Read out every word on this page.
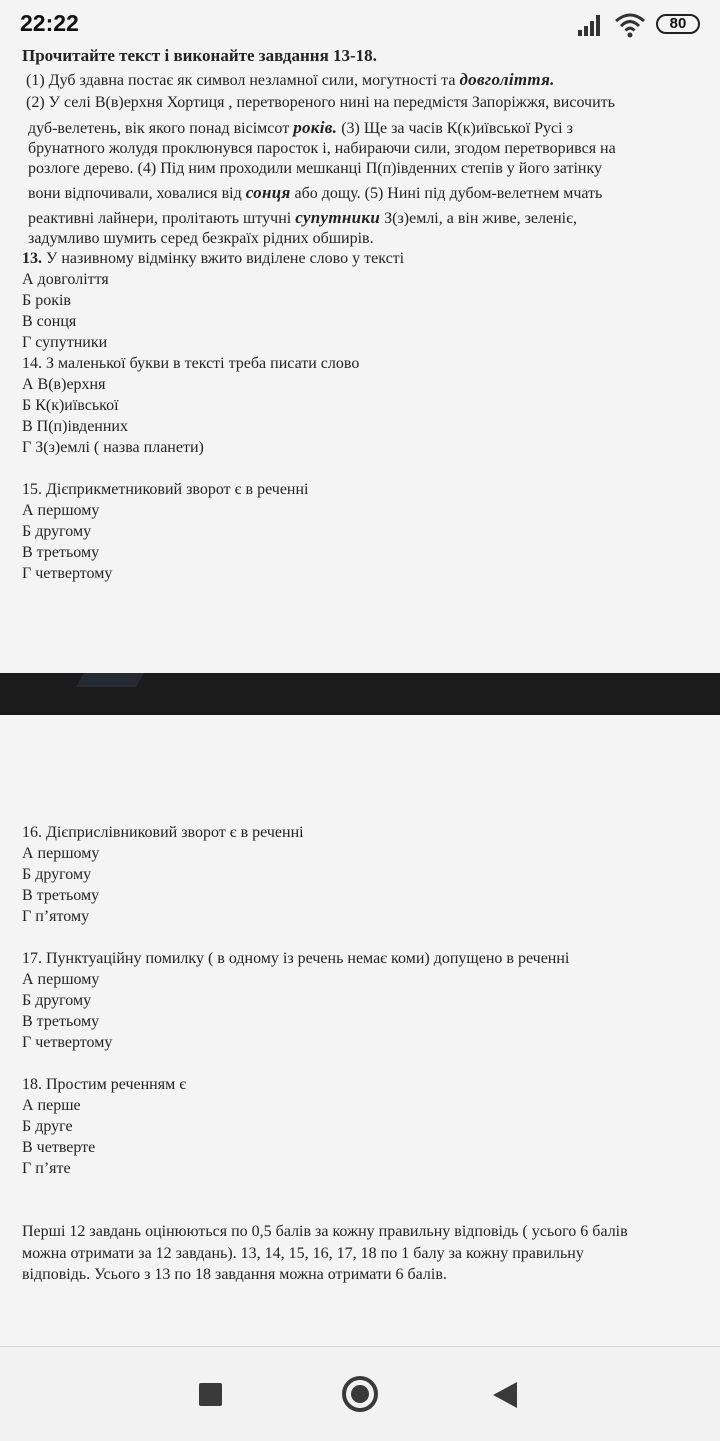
22:22	80
Прочитайте текст і виконайте завдання 13-18.
(1) Дуб здавна постає як символ незламної сили, могутності та довголіття.
(2) У селі В(в)ерхня Хортиця , перетвореного нині на передмістя Запоріжжя, височить
дуб-велетень, вік якого понад вісімсот років. (3) Ще за часів К(к)иївської Русі з
брунатного жолудя проклюнувся паросток і, набираючи сили, згодом перетворився на
розлоге дерево. (4) Під ним проходили мешканці П(п)івденних степів у його затінку
вони відпочивали, ховалися від сонця або дощу. (5) Нині під дубом-велетнем мчать
реактивні лайнери, пролітають штучні супутники З(з)емлі, а він живе, зеленіє,
задумливо шумить серед безкраїх рідних обширів.
13. У називному відмінку вжито виділене слово у тексті
А довголіття
Б років
В сонця
Г супутники
14. З маленької букви в тексті треба писати слово
А В(в)ерхня
Б К(к)иївської
В П(п)івденних
Г З(з)емлі ( назва планети)
15. Дієприкметниковий зворот є в реченні
А першому
Б другому
В третьому
Г четвертому
16. Дієприслівниковий зворот є в реченні
А першому
Б другому
В третьому
Г п’ятому
17. Пунктуаційну помилку ( в одному із речень немає коми) допущено в реченні
А першому
Б другому
В третьому
Г четвертому
18. Простим реченням є
А перше
Б друге
В четверте
Г п’яте
Перші 12 завдань оцінюються по 0,5 балів за кожну правильну відповідь ( усього 6 балів
можна отримати за 12 завдань). 13, 14, 15, 16, 17, 18 по 1 балу за кожну правильну
відповідь. Усього з 13 по 18 завдання можна отримати 6 балів.
